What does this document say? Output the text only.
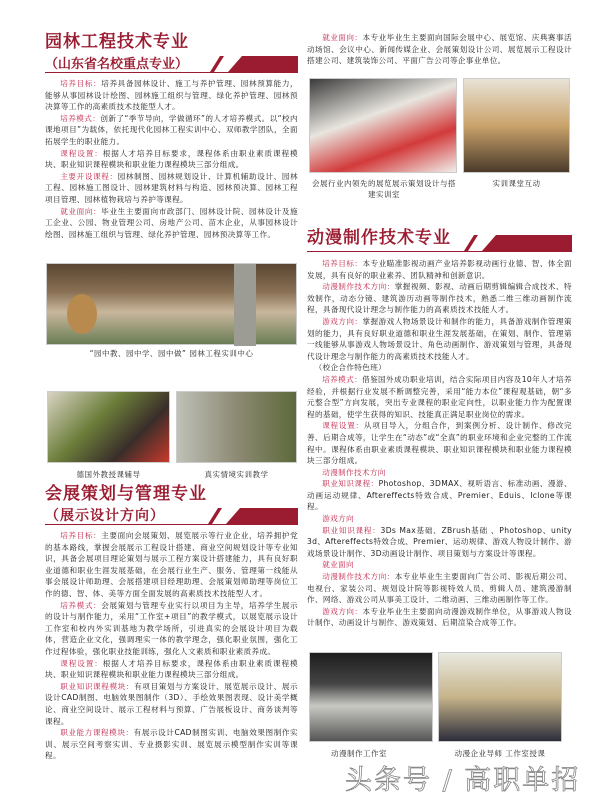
园林工程技术专业
（山东省名校重点专业）

培养目标：培养具备园林设计、施工与养护管理、园林预算能力，能够从事园林设计绘图、园林施工组织与管理、绿化养护管理、园林预决算等工作的高素质技术技能型人才。

培养模式：创新了“季节导向，学做循环”的人才培养模式。以“校内课地项目”为载体，依托现代化园林工程实训中心、双师教学团队，全面拓展学生的职业能力。

课程设置：根据人才培养目标要求，课程体系由职业素质课程模块、职业知识课程模块和职业能力课程模块三部分组成。

主要开设课程：园林制图、园林规划设计、计算机辅助设计、园林工程、园林施工图设计、园林建筑材料与构造、园林预决算、园林工程项目管理、园林植物栽培与养护等课程。

就业面向：毕业生主要面向市政部门、园林设计院、园林设计及施工企业、公园、物业管理公司、房地产公司、苗木企业，从事园林设计绘图、园林施工组织与管理、绿化养护管理、园林预决算等工作。

“园中教、园中学、园中做” 园林工程实训中心
德国外教授课辅导	真实情境实训教学
会展策划与管理专业
（展示设计方向）

培养目标：主要面向会展策划、展览展示等行业企业，培养拥护党的基本路线，掌握会展展示工程设计搭建、商业空间规划设计等专业知识，具备会展项目理论策划与展示工程方案设计搭建能力，具有良好职业道德和职业生涯发展基础，在会展行业生产、服务、管理第一线能从事会展设计师助理、会展搭建项目经理助理、会展策划师助理等岗位工作的德、智、体、美等方面全面发展的高素质技术技能型人才。

培养模式：会展策划与管理专业实行以项目为主导，培养学生展示的设计与制作能力，采用“工作室+项目”的教学模式，以展览展示设计工作室和校内外实训基地为教学场所，引进真实的会展设计项目为载体，营造企业文化，强调理实一体的教学理念，强化职业氛围，强化工作过程体验，强化职业技能训练，强化人文素质和职业素质养成。

课程设置：根据人才培养目标要求，课程体系由职业素质课程模块、职业知识课程模块和职业能力课程模块三部分组成。

职业知识课程模块：有项目策划与方案设计、展览展示设计、展示设计CAD制图、电脑效果图制作（3D）、手绘效果图表现、设计美学概论、商业空间设计、展示工程材料与预算、广告展板设计、商务谈判等课程。

职业能力课程模块：有展示设计CAD制图实训、电脑效果图制作实训、展示空间考察实训、专业摄影实训、展览展示模型制作实训等课程。

就业面向：本专业毕业生主要面向国际会展中心、展览馆、庆典赛事活动场馆、会议中心、新闻传媒企业、会展策划设计公司、展览展示工程设计搭建公司、建筑装饰公司、平面广告公司等企事业单位。

会展行业内领先的展览展示策划设计与搭建实训室
实训课堂互动
动漫制作技术专业

培养目标：本专业瞄准影视动画产业培养影视动画行业德、智、体全面发展，具有良好的职业素养、团队精神和创新意识。

动漫制作技术方向：掌握视频、影视、动画后期剪辑编辑合成技术、特效制作，动态分镜、建筑游历动画等制作技术，熟悉二维三维动画制作流程，具备现代设计理念与制作能力的高素质技术技能人才。

游戏方向：掌握游戏人物场景设计和制作的能力，具备游戏制作管理策划的能力，具有良好职业道德和职业生涯发展基础，在策划、制作、管理第一线能够从事游戏人物场景设计、角色动画制作、游戏策划与管理，具备现代设计理念与制作能力的高素质技术技能人才。

（校企合作特色班）

培养模式：借鉴国外成功职业培训，结合实际项目内容及10年人才培养经验，并根据行业发展不断调整完善，采用“能力本位”课程观基础，朝“多元整合型”方向发展，突出专业课程的职业定向性，以职业能力作为配置课程的基础，使学生获得的知识、技能真正满足职业岗位的需求。

课程设置：从项目导入，分组合作，到案例分析、设计制作、修改完善、后期合成等，让学生在“动态”或“全真”的职业环境和企业完整的工作流程中。课程体系由职业素质课程模块、职业知识课程模块和职业能力课程模块三部分组成。

动漫制作技术方向

职业知识课程：Photoshop、3DMAX、视听语言、标准动画、漫游、动画运动规律、Aftereffects特效合成、Premier、Eduis、Iclone等课程。

游戏方向

职业知识课程：3Ds Max基础、ZBrush基础 、Photoshop、unity 3d、Aftereffects特效合成、Premier、运动规律、游戏人物设计制作、游戏场景设计制作、3D动画设计制作、项目策划与方案设计等课程。

就业面向

动漫制作技术方向：本专业毕业生主要面向广告公司、影视后期公司、电视台、家装公司、规划设计院等影视特效人员、剪辑人员、建筑漫游制作、网络、游戏公司从事美工设计、二维动画、三维动画制作等工作。

游戏方向：本专业毕业生主要面向动漫游戏制作单位，从事游戏人物设计制作、动画设计与制作、游戏策划、后期渲染合成等工作。

动漫制作工作室	动漫企业导师 工作室授课
头条号 / 高职单招
